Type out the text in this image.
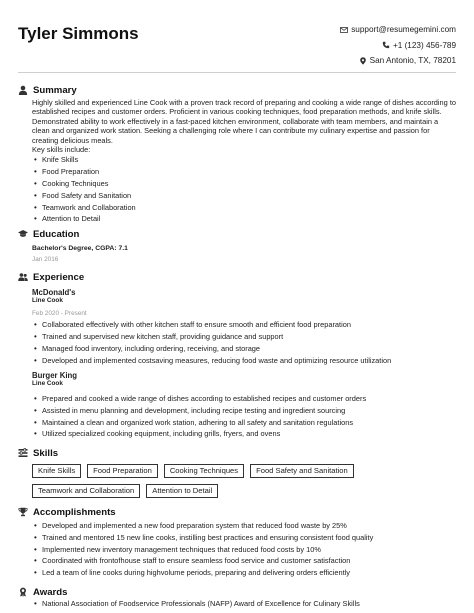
Tyler Simmons	support@resumegemini.com
+1 (123) 456-789
San Antonio, TX, 78201
Summary

Highly skilled and experienced Line Cook with a proven track record of preparing and cooking a wide range of dishes according to established recipes and customer orders. Proficient in various cooking techniques, food preparation methods, and knife skills. Demonstrated ability to work effectively in a fast-paced kitchen environment, collaborate with team members, and maintain a clean and organized work station. Seeking a challenging role where I can contribute my culinary expertise and passion for creating delicious meals.

Key skills include:

• Knife Skills
• Food Preparation
• Cooking Techniques
• Food Safety and Sanitation
• Teamwork and Collaboration
• Attention to Detail
Education
Bachelor's Degree, CGPA: 7.1
Jan 2016
Experience
McDonald's
Line Cook
Feb 2020 - Present
• Collaborated effectively with other kitchen staff to ensure smooth and efficient food preparation
• Trained and supervised new kitchen staff, providing guidance and support
• Managed food inventory, including ordering, receiving, and storage
• Developed and implemented costsaving measures, reducing food waste and optimizing resource utilization
Burger King
Line Cook
• Prepared and cooked a wide range of dishes according to established recipes and customer orders
• Assisted in menu planning and development, including recipe testing and ingredient sourcing
• Maintained a clean and organized work station, adhering to all safety and sanitation regulations
• Utilized specialized cooking equipment, including grills, fryers, and ovens
Skills
Knife Skills	Food Preparation	Cooking Techniques	Food Safety and Sanitation
Teamwork and Collaboration	Attention to Detail
Accomplishments
• Developed and implemented a new food preparation system that reduced food waste by 25%
• Trained and mentored 15 new line cooks, instilling best practices and ensuring consistent food quality
• Implemented new inventory management techniques that reduced food costs by 10%
• Coordinated with frontofhouse staff to ensure seamless food service and customer satisfaction
• Led a team of line cooks during highvolume periods, preparing and delivering orders efficiently
Awards
• National Association of Foodservice Professionals (NAFP) Award of Excellence for Culinary Skills
